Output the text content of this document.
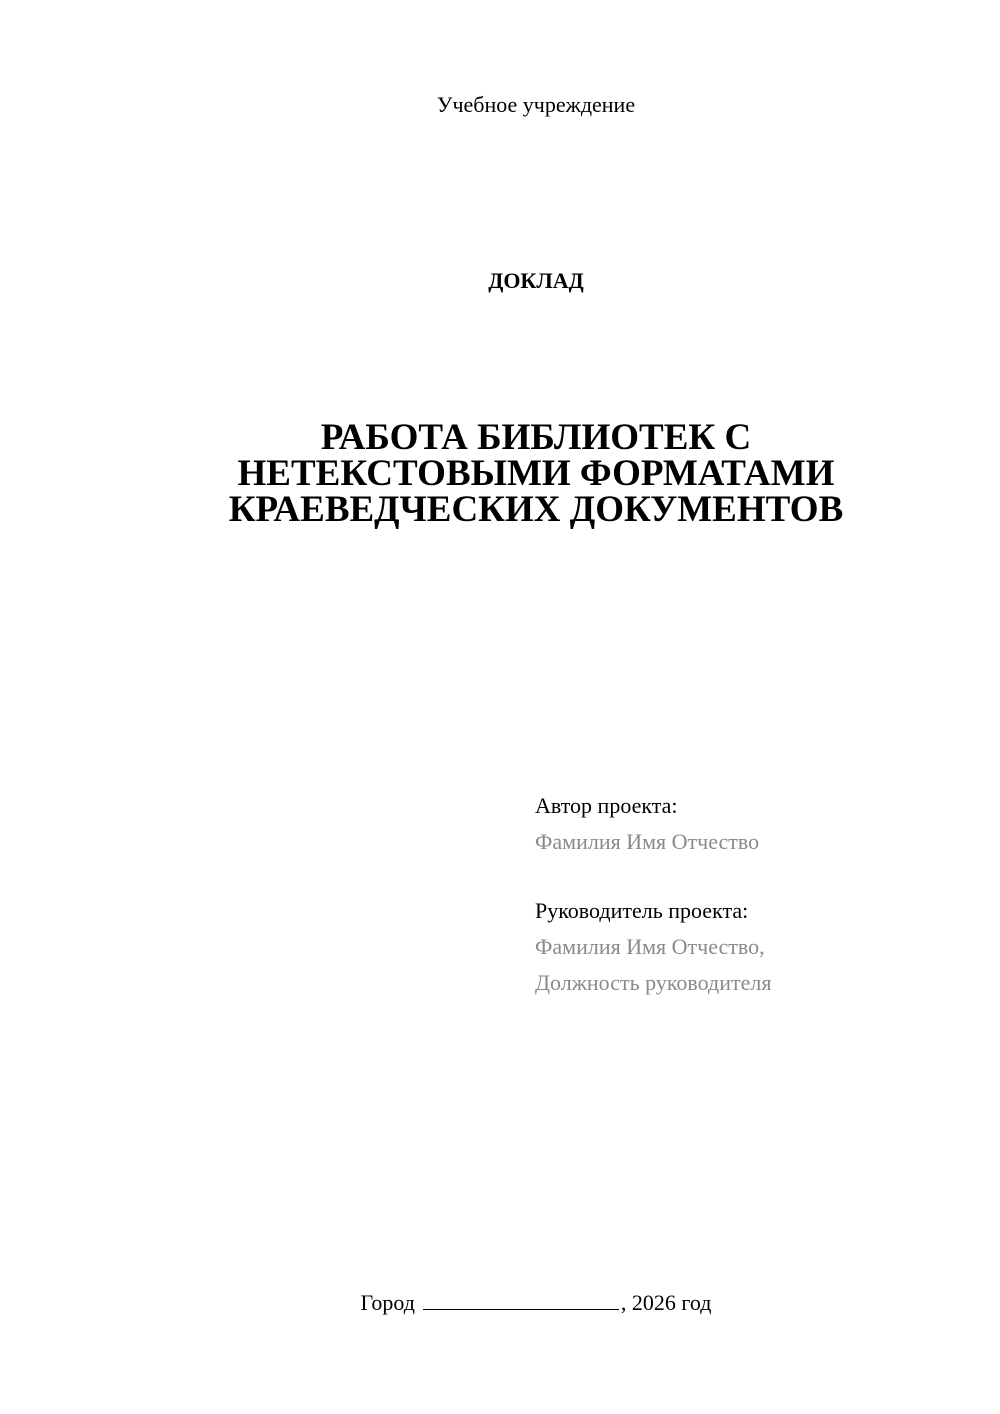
Учебное учреждение
ДОКЛАД
РАБОТА БИБЛИОТЕК С
НЕТЕКСТОВЫМИ ФОРМАТАМИ
КРАЕВЕДЧЕСКИХ ДОКУМЕНТОВ
Автор проекта:
Фамилия Имя Отчество
Руководитель проекта:
Фамилия Имя Отчество,
Должность руководителя
Город	, 2026 год
